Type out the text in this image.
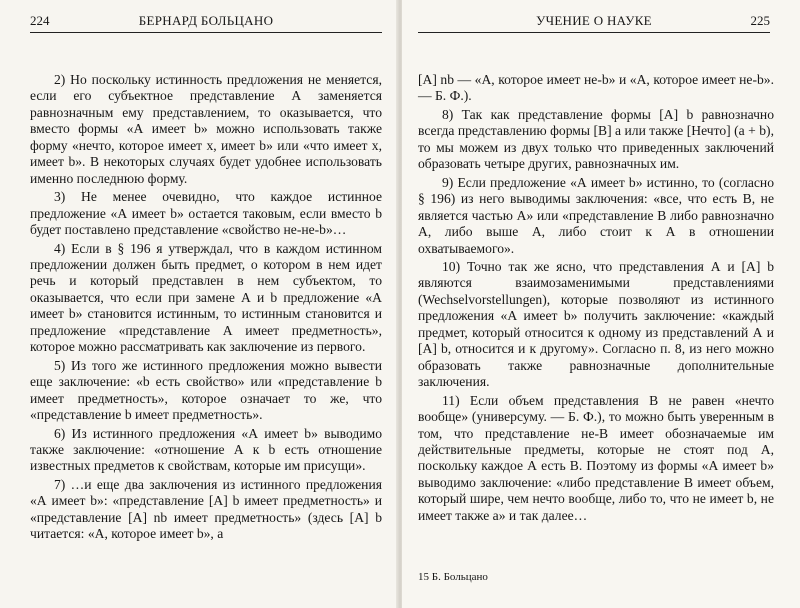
224	БЕРНАРД БОЛЬЦАНО

2) Но поскольку истинность предложения не меняется, если его субъектное представление А заменяется равнозначным ему представлением, то оказывается, что вместо формы «А имеет b» можно использовать также форму «нечто, которое имеет x, имеет b» или «что имеет x, имеет b». В некоторых случаях будет удобнее использовать именно последнюю форму.

3) Не менее очевидно, что каждое истинное предложение «А имеет b» остается таковым, если вместо b будет поставлено представление «свойство не-не-b»…

4) Если в § 196 я утверждал, что в каждом истинном предложении должен быть предмет, о котором в нем идет речь и который представлен в нем субъектом, то оказывается, что если при замене А и b предложение «А имеет b» становится истинным, то истинным становится и предложение «представление А имеет предметность», которое можно рассматривать как заключение из первого.

5) Из того же истинного предложения можно вывести еще заключение: «b есть свойство» или «представление b имеет предметность», которое означает то же, что «представление b имеет предметность».

6) Из истинного предложения «А имеет b» выводимо также заключение: «отношение А к b есть отношение известных предметов к свойствам, которые им присущи».

7) …и еще два заключения из истинного предложения «А имеет b»: «представление [A] b имеет предметность» и «представление [A] nb имеет предметность» (здесь [A] b читается: «А, которое имеет b», а

УЧЕНИЕ О НАУКЕ	225

[A] nb — «А, которое имеет не-b» и «А, которое имеет не-b». — Б. Ф.).

8) Так как представление формы [A] b равнозначно всегда представлению формы [B] a или также [Нечто] (a + b), то мы можем из двух только что приведенных заключений образовать четыре других, равнозначных им.

9) Если предложение «А имеет b» истинно, то (согласно § 196) из него выводимы заключения: «все, что есть В, не является частью А» или «представление В либо равнозначно А, либо выше А, либо стоит к А в отношении охватываемого».

10) Точно так же ясно, что представления А и [A] b являются взаимозаменимыми представлениями (Wechselvorstellungen), которые позволяют из истинного предложения «А имеет b» получить заключение: «каждый предмет, который относится к одному из представлений А и [A] b, относится и к другому». Согласно п. 8, из него можно образовать также равнозначные дополнительные заключения.

11) Если объем представления В не равен «нечто вообще» (универсуму. — Б. Ф.), то можно быть уверенным в том, что представление не-В имеет обозначаемые им действительные предметы, которые не стоят под А, поскольку каждое А есть В. Поэтому из формы «А имеет b» выводимо заключение: «либо представление В имеет объем, который шире, чем нечто вообще, либо то, что не имеет b, не имеет также а» и так далее…

15 Б. Больцано
